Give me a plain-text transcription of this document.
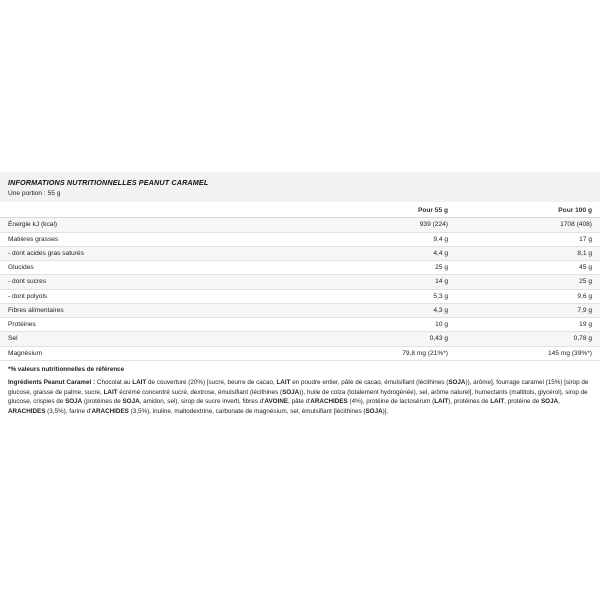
INFORMATIONS NUTRITIONNELLES PEANUT CARAMEL

Une portion : 55 g

	Pour 55 g	Pour 100 g
Énergie kJ (kcal)	939 (224)	1708 (408)
Matières grasses	9,4 g	17 g
- dont acides gras saturés	4,4 g	8,1 g
Glucides	25 g	45 g
- dont sucres	14 g	25 g
- dont polyols	5,3 g	9,6 g
Fibres alimentaires	4,3 g	7,9 g
Protéines	10 g	19 g
Sel	0,43 g	0,78 g
Magnésium	79,8 mg (21%*)	145 mg (39%*)
*% valeurs nutritionnelles de référence
Ingrédients Peanut Caramel : Chocolat au LAIT de couverture (20%) [sucre, beurre de cacao, LAIT en poudre entier, pâte de cacao, émulsifiant (lécithines (SOJA)), arôme], fourrage caramel (15%) [sirop de glucose, graisse de palme, sucre, LAIT écrémé concentré sucré, dextrose, émulsifiant (lécithines (SOJA)), huile de colza (totalement hydrogénée), sel, arôme naturel], humectants (maltitols, glycérol), sirop de glucose, crispies de SOJA (protéines de SOJA, amidon, sel), sirop de sucre inverti, fibres d'AVOINE, pâte d'ARACHIDES (4%), protéine de lactosérum (LAIT), protéines de LAIT, protéine de SOJA, ARACHIDES (3,5%), farine d'ARACHIDES (3,5%), inuline, maltodextrine, carbonate de magnésium, sel, émulsifiant [lécithines (SOJA)].
